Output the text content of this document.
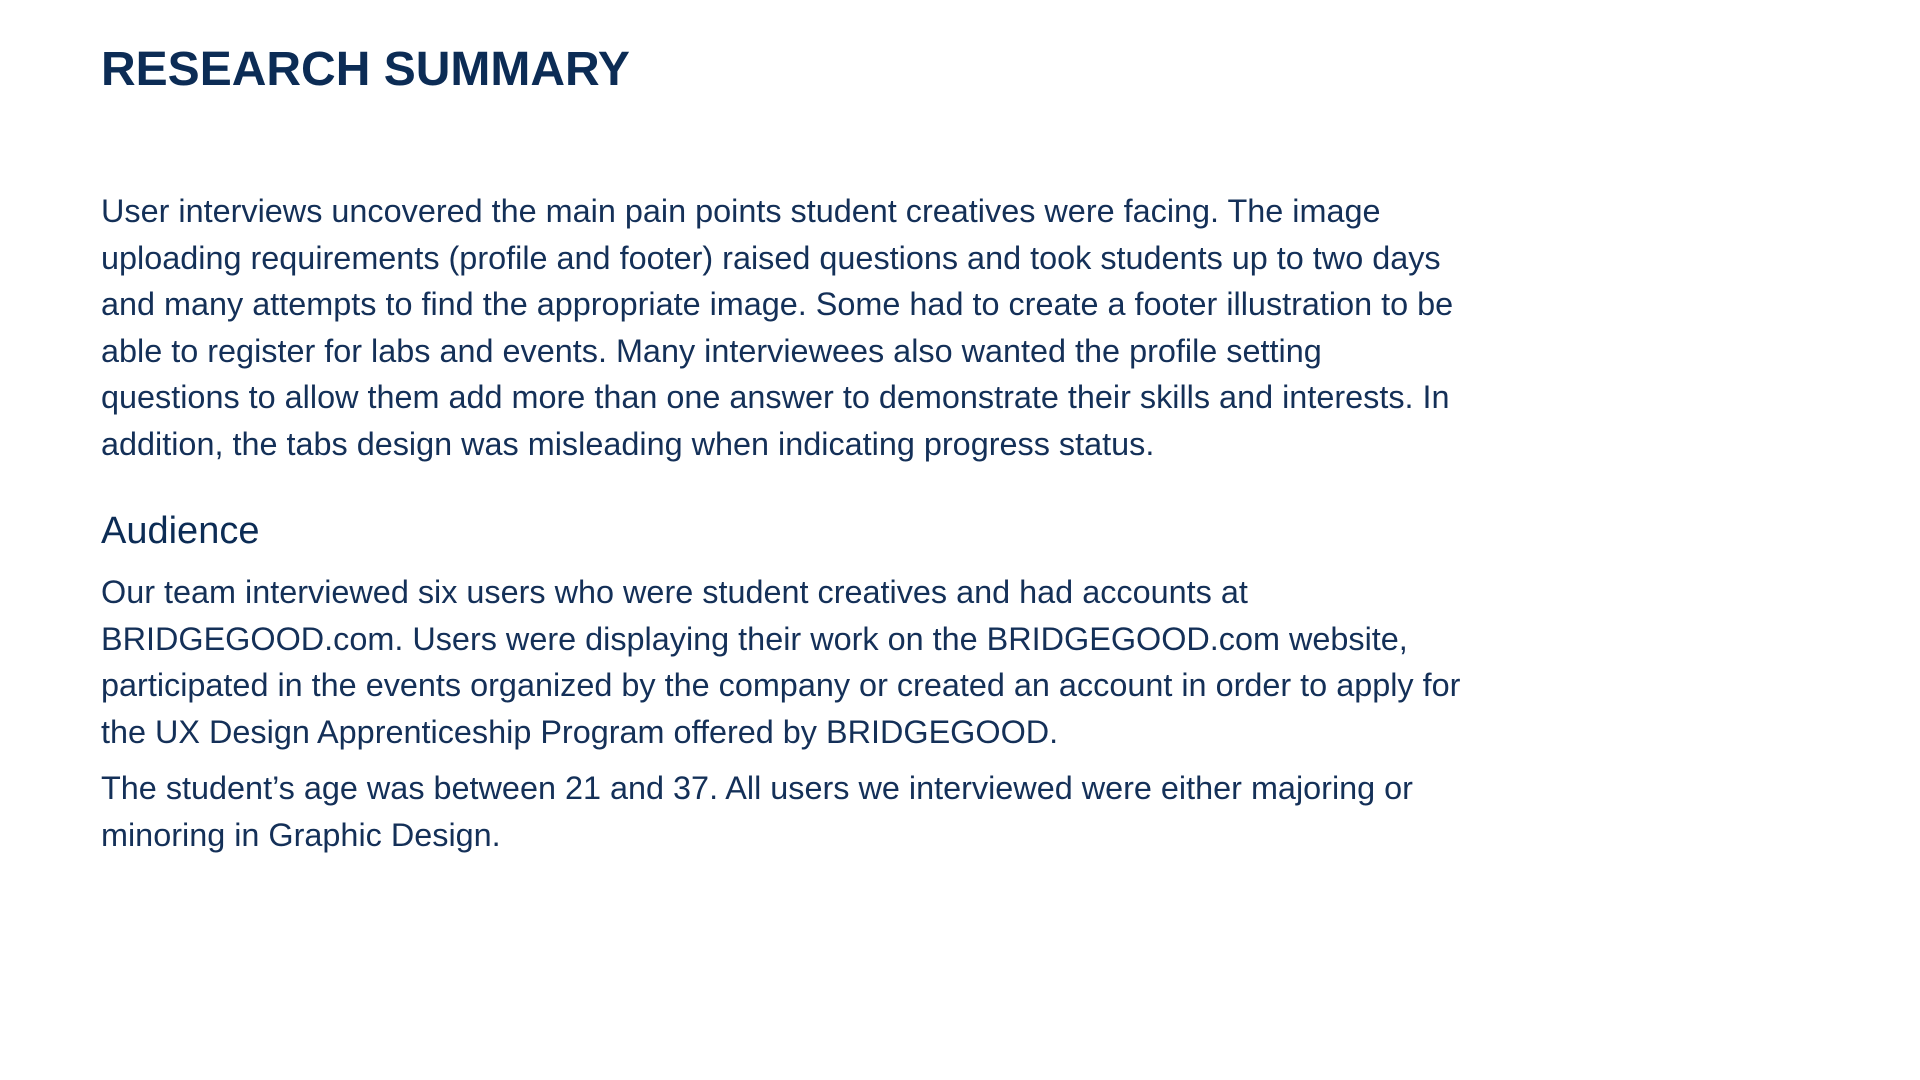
RESEARCH SUMMARY

User interviews uncovered the main pain points student creatives were facing. The image uploading requirements (profile and footer) raised questions and took students up to two days and many attempts to find the appropriate image. Some had to create a footer illustration to be able to register for labs and events. Many interviewees also wanted the profile setting questions to allow them add more than one answer to demonstrate their skills and interests. In addition, the tabs design was misleading when indicating progress status.

Audience

Our team interviewed six users who were student creatives and had accounts at BRIDGEGOOD.com. Users were displaying their work on the BRIDGEGOOD.com website, participated in the events organized by the company or created an account in order to apply for the UX Design Apprenticeship Program offered by BRIDGEGOOD.

The student’s age was between 21 and 37. All users we interviewed were either majoring or minoring in Graphic Design.
